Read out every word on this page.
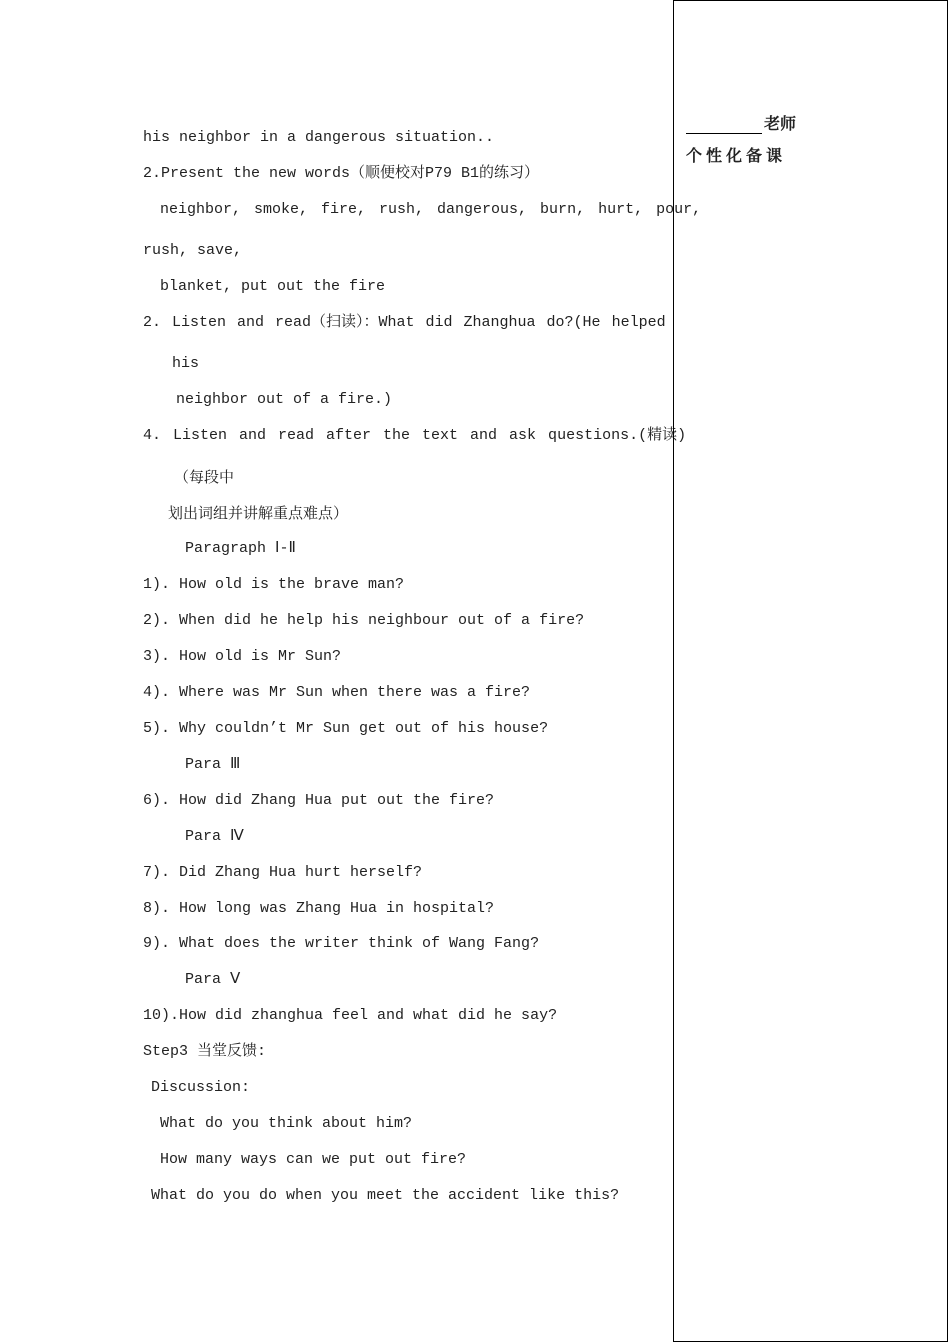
his neighbor in a dangerous situation..
2.Present the new words（顺便校对P79 B1的练习）
neighbor, smoke, fire, rush, dangerous, burn, hurt, pour,
rush, save,
blanket, put out the fire
2. Listen and read（扫读）：What did Zhanghua do?(He helped
his
neighbor out of a fire.)
4. Listen and read after the text and ask questions.(精读)
（每段中
划出词组并讲解重点难点）
Paragraph Ⅰ-Ⅱ
1). How old is the brave man?
2). When did he help his neighbour out of a fire?
3). How old is Mr Sun?
4). Where was Mr Sun when there was a fire?
5). Why couldn’t Mr Sun get out of his house?
Para Ⅲ
6). How did Zhang Hua put out the fire?
Para Ⅳ
7). Did Zhang Hua hurt herself?
8). How long was Zhang Hua in hospital?
9). What does the writer think of Wang Fang?
Para Ⅴ
10).How did zhanghua feel and what did he say?
Step3 当堂反馈:
Discussion:
What do you think about him?
How many ways can we put out fire?
What do you do when you meet the accident like this?
老师
个性化备课
